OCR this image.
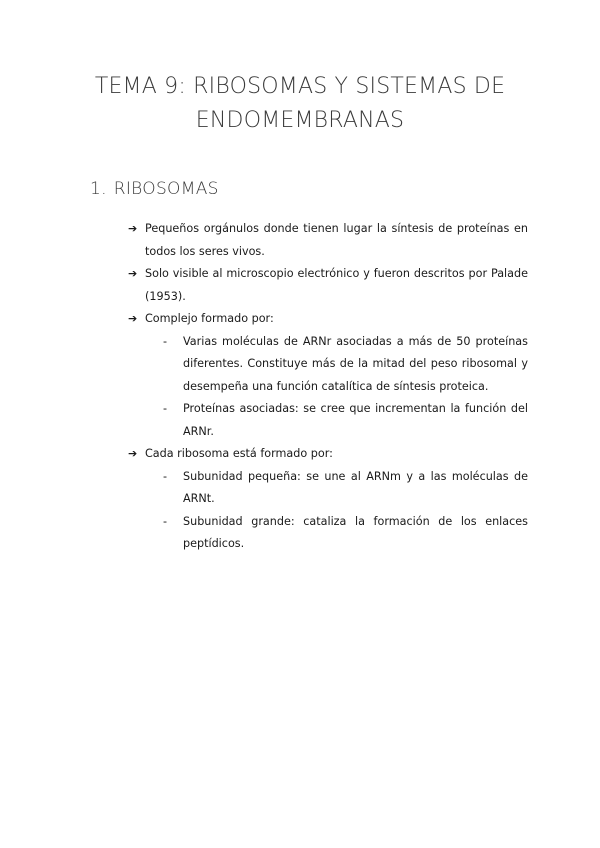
TEMA 9: RIBOSOMAS Y SISTEMAS DE
ENDOMEMBRANAS
1. RIBOSOMAS
➔ Pequeños orgánulos donde tienen lugar la síntesis de proteínas en todos los seres vivos.
➔ Solo visible al microscopio electrónico y fueron descritos por Palade (1953).
➔ Complejo formado por:
- Varias moléculas de ARNr asociadas a más de 50 proteínas diferentes. Constituye más de la mitad del peso ribosomal y desempeña una función catalítica de síntesis proteica.
- Proteínas asociadas: se cree que incrementan la función del ARNr.
➔ Cada ribosoma está formado por:
- Subunidad pequeña: se une al ARNm y a las moléculas de ARNt.
- Subunidad grande: cataliza la formación de los enlaces peptídicos.
